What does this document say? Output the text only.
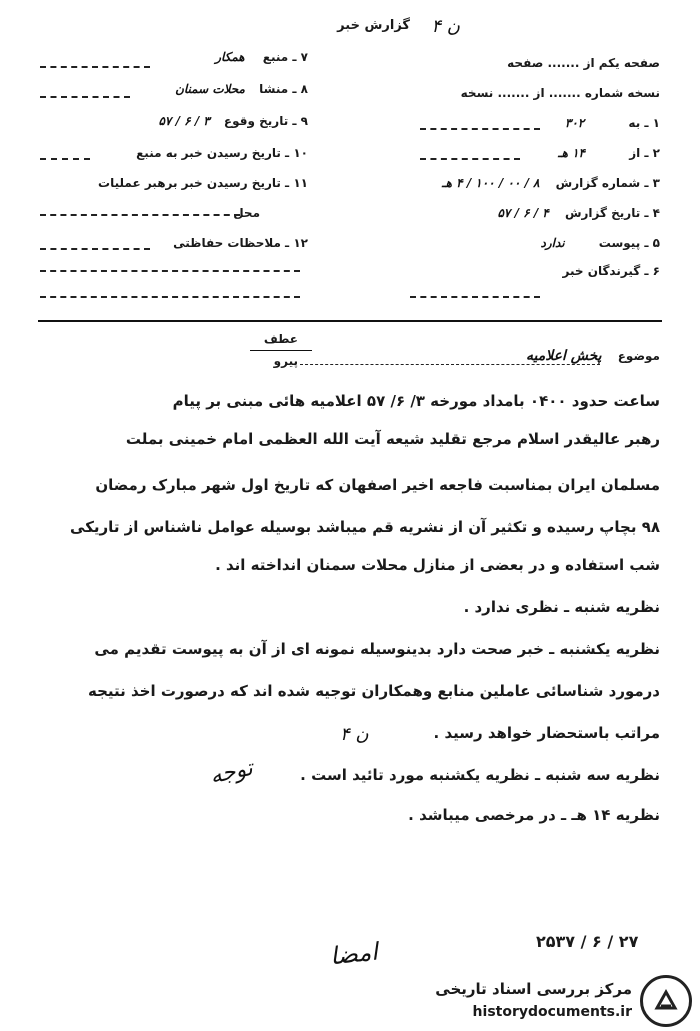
گزارش خبر ن ۴
صفحه یکم از ....... صفحه
نسخه شماره ....... از ....... نسخه
۱ ـ به ۳۰۲
۲ ـ از ۱۴ هـ
۳ ـ شماره گزارش ۸ / ۰۰ / ۱۰۰ / ۴ هـ
۴ ـ تاریخ گزارش ۴ / ۶ / ۵۷
۵ ـ پیوست ندارد
۶ ـ گیرندگان خبر
۷ ـ منبع همکار
۸ ـ منشا محلات سمنان
۹ ـ تاریخ وقوع ۳ / ۶ / ۵۷
۱۰ ـ تاریخ رسیدن خبر به منبع
۱۱ ـ تاریخ رسیدن خبر برهبر عملیات
محل
۱۲ ـ ملاحظات حفاظتی
عطف
پیرو	موضوع پخش اعلامیه
ساعت حدود ۰۴۰۰ بامداد مورخه ۳/ ۶/ ۵۷ اعلامیه هائی مبنی بر پیام
رهبر عالیقدر اسلام مرجع تقلید شیعه آیت الله العظمی امام خمینی بملت
مسلمان ایران بمناسبت فاجعه اخیر اصفهان که تاریخ اول شهر مبارک رمضان
۹۸ بچاپ رسیده و تکثیر آن از نشریه قم میباشد بوسیله عوامل ناشناس از تاریکی
شب استفاده و در بعضی از منازل محلات سمنان انداخته اند .
نظریه شنبه ـ نظری ندارد .
نظریه یکشنبه ـ خبر صحت دارد بدینوسیله نمونه ای از آن به پیوست تقدیم می
درمورد شناسائی عاملین منابع وهمکاران توجیه شده اند که درصورت اخذ نتیجه
مراتب باستحضار خواهد رسید .
نظریه سه شنبه ـ نظریه یکشنبه مورد تائید است .
نظریه ۱۴ هـ ـ در مرخصی میباشد .
توجه
ن ۴
۲۵۳۷ / ۶ / ۲۷
امضا
مرکز بررسی اسناد تاریخی
historydocuments.ir
